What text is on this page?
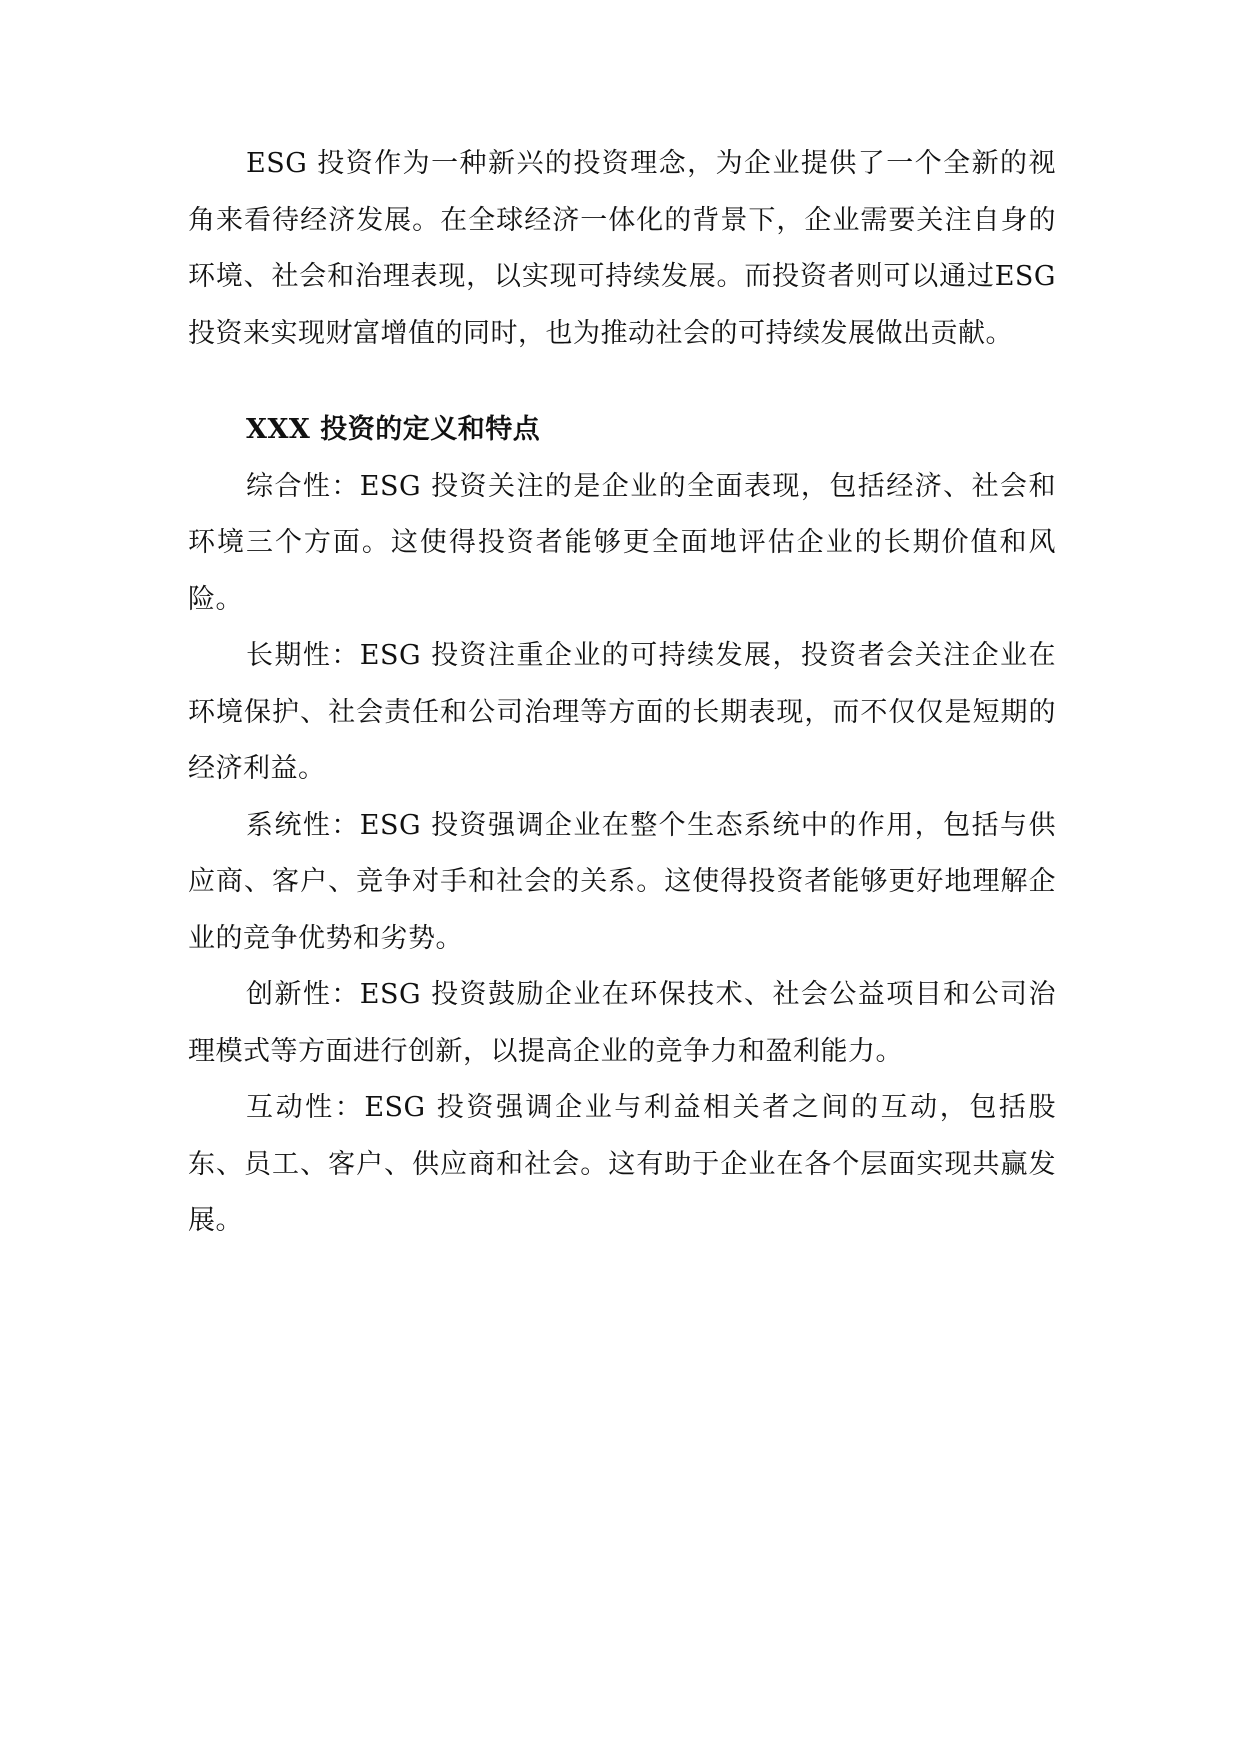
ESG 投资作为一种新兴的投资理念，为企业提供了一个全新的视角来看待经济发展。在全球经济一体化的背景下，企业需要关注自身的环境、社会和治理表现，以实现可持续发展。而投资者则可以通过ESG 投资来实现财富增值的同时，也为推动社会的可持续发展做出贡献。

XXX 投资的定义和特点

综合性：ESG 投资关注的是企业的全面表现，包括经济、社会和环境三个方面。这使得投资者能够更全面地评估企业的长期价值和风险。

长期性：ESG 投资注重企业的可持续发展，投资者会关注企业在环境保护、社会责任和公司治理等方面的长期表现，而不仅仅是短期的经济利益。

系统性：ESG 投资强调企业在整个生态系统中的作用，包括与供应商、客户、竞争对手和社会的关系。这使得投资者能够更好地理解企业的竞争优势和劣势。

创新性：ESG 投资鼓励企业在环保技术、社会公益项目和公司治理模式等方面进行创新，以提高企业的竞争力和盈利能力。

互动性：ESG 投资强调企业与利益相关者之间的互动，包括股东、员工、客户、供应商和社会。这有助于企业在各个层面实现共赢发展。
